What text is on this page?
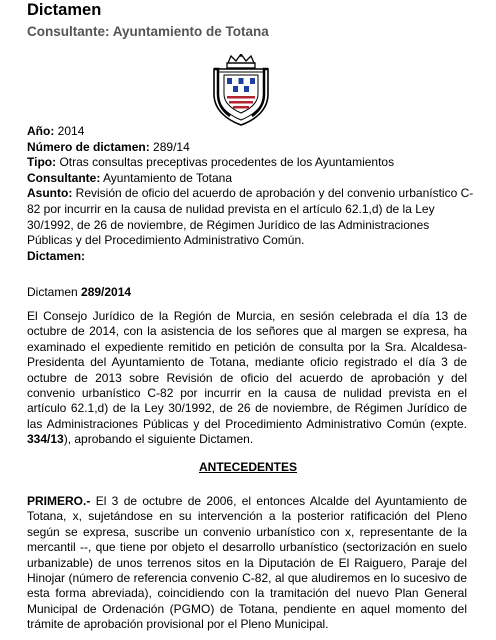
Dictamen

Consultante: Ayuntamiento de Totana

Año: 2014

Número de dictamen: 289/14

Tipo: Otras consultas preceptivas procedentes de los Ayuntamientos

Consultante: Ayuntamiento de Totana

Asunto: Revisión de oficio del acuerdo de aprobación y del convenio urbanístico C-82 por incurrir en la causa de nulidad prevista en el artículo 62.1,d) de la Ley 30/1992, de 26 de noviembre, de Régimen Jurídico de las Administraciones Públicas y del Procedimiento Administrativo Común.

Dictamen:

Dictamen 289/2014

El Consejo Jurídico de la Región de Murcia, en sesión celebrada el día 13 de octubre de 2014, con la asistencia de los señores que al margen se expresa, ha examinado el expediente remitido en petición de consulta por la Sra. Alcaldesa-Presidenta del Ayuntamiento de Totana, mediante oficio registrado el día 3 de octubre de 2013 sobre Revisión de oficio del acuerdo de aprobación y del convenio urbanístico C-82 por incurrir en la causa de nulidad prevista en el artículo 62.1,d) de la Ley 30/1992, de 26 de noviembre, de Régimen Jurídico de las Administraciones Públicas y del Procedimiento Administrativo Común (expte. 334/13), aprobando el siguiente Dictamen.

ANTECEDENTES

PRIMERO.- El 3 de octubre de 2006, el entonces Alcalde del Ayuntamiento de Totana, x, sujetándose en su intervención a la posterior ratificación del Pleno según se expresa, suscribe un convenio urbanístico con x, representante de la mercantil --, que tiene por objeto el desarrollo urbanístico (sectorización en suelo urbanizable) de unos terrenos sitos en la Diputación de El Raiguero, Paraje del Hinojar (número de referencia convenio C-82, al que aludiremos en lo sucesivo de esta forma abreviada), coincidiendo con la tramitación del nuevo Plan General Municipal de Ordenación (PGMO) de Totana, pendiente en aquel momento del trámite de aprobación provisional por el Pleno Municipal.
